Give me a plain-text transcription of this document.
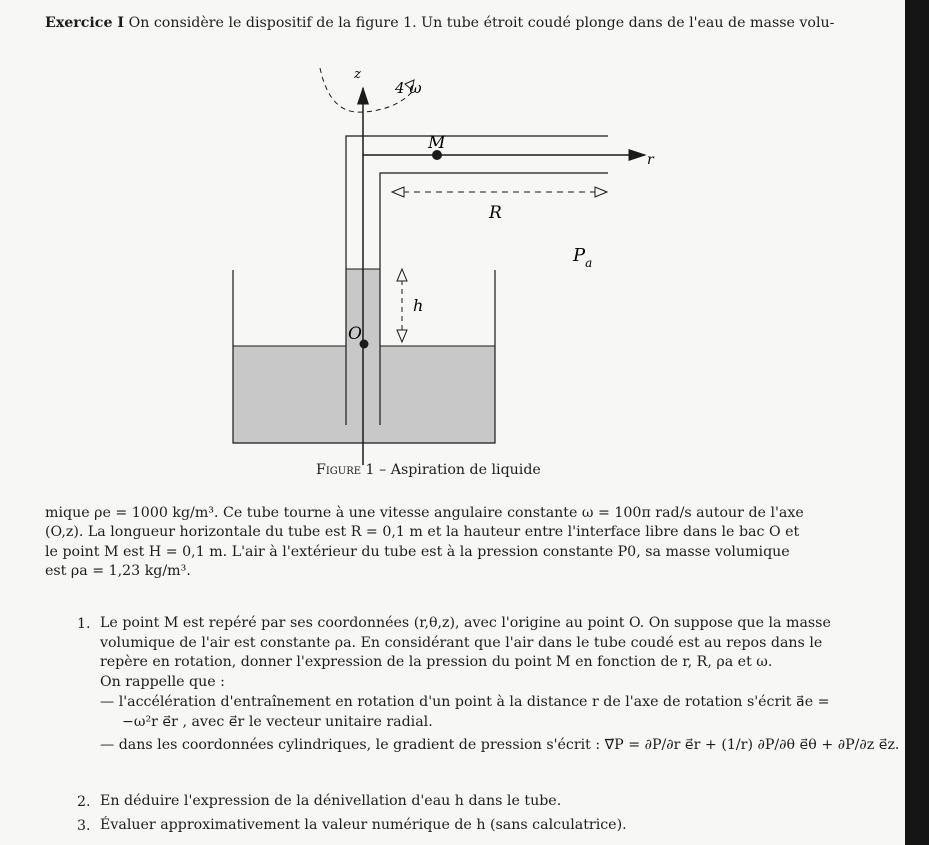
Exercice I On considère le dispositif de la figure 1. Un tube étroit coudé plonge dans de l'eau de masse volu-
z
4 ω
M
r
R
$P_a$
h
O
Figure 1 – Aspiration de liquide
mique ρe = 1000 kg/m³. Ce tube tourne à une vitesse angulaire constante ω = 100π rad/s autour de l'axe
(O,z). La longueur horizontale du tube est R = 0,1 m et la hauteur entre l'interface libre dans le bac O et
le point M est H = 0,1 m. L'air à l'extérieur du tube est à la pression constante P0, sa masse volumique
est ρa = 1,23 kg/m³.
1. Le point M est repéré par ses coordonnées (r,θ,z), avec l'origine au point O. On suppose que la masse
volumique de l'air est constante ρa. En considérant que l'air dans le tube coudé est au repos dans le
repère en rotation, donner l'expression de la pression du point M en fonction de r, R, ρa et ω.
On rappelle que :
— l'accélération d'entraînement en rotation d'un point à la distance r de l'axe de rotation s'écrit a⃗e =
−ω²r e⃗r , avec e⃗r le vecteur unitaire radial.
— dans les coordonnées cylindriques, le gradient de pression s'écrit : ∇⃗P = ∂P/∂r e⃗r + (1/r) ∂P/∂θ e⃗θ + ∂P/∂z e⃗z.
2. En déduire l'expression de la dénivellation d'eau h dans le tube.
3. Évaluer approximativement la valeur numérique de h (sans calculatrice).
